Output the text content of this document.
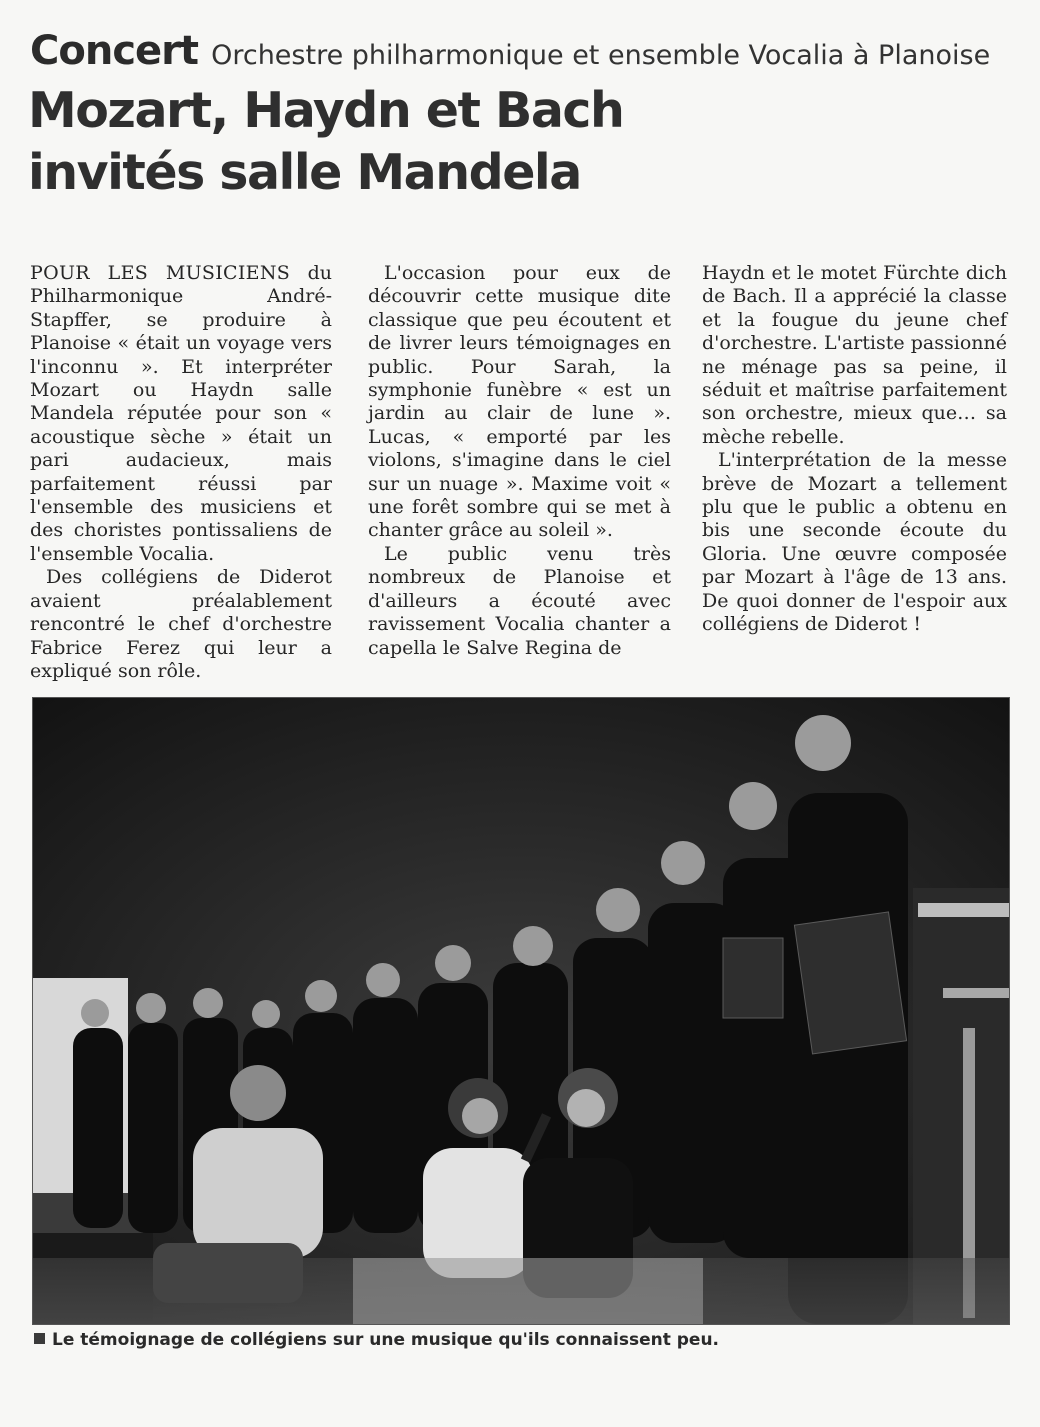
Concert Orchestre philharmonique et ensemble Vocalia à Planoise
Mozart, Haydn et Bach
invités salle Mandela

POUR LES MUSICIENS du Philharmonique André-Stapffer, se produire à Planoise « était un voyage vers l'inconnu ». Et interpréter Mozart ou Haydn salle Mandela réputée pour son « acoustique sèche » était un pari audacieux, mais parfaitement réussi par l'ensemble des musiciens et des choristes pontissaliens de l'ensemble Vocalia.

Des collégiens de Diderot avaient préalablement rencontré le chef d'orchestre Fabrice Ferez qui leur a expliqué son rôle.

L'occasion pour eux de découvrir cette musique dite classique que peu écoutent et de livrer leurs témoignages en public. Pour Sarah, la symphonie funèbre « est un jardin au clair de lune ». Lucas, « emporté par les violons, s'imagine dans le ciel sur un nuage ». Maxime voit « une forêt sombre qui se met à chanter grâce au soleil ».

Le public venu très nombreux de Planoise et d'ailleurs a écouté avec ravissement Vocalia chanter a capella le Salve Regina de

Haydn et le motet Fürchte dich de Bach. Il a apprécié la classe et la fougue du jeune chef d'orchestre. L'artiste passionné ne ménage pas sa peine, il séduit et maîtrise parfaitement son orchestre, mieux que… sa mèche rebelle.

L'interprétation de la messe brève de Mozart a tellement plu que le public a obtenu en bis une seconde écoute du Gloria. Une œuvre composée par Mozart à l'âge de 13 ans. De quoi donner de l'espoir aux collégiens de Diderot !

Le témoignage de collégiens sur une musique qu'ils connaissent peu.
